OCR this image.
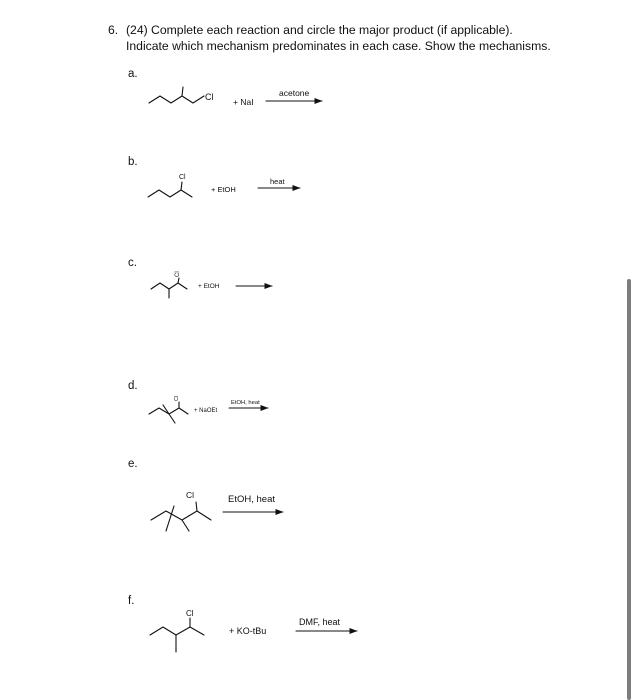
6. (24) Complete each reaction and circle the major product (if applicable).
Indicate which mechanism predominates in each case. Show the mechanisms.
a.
b.
c.
d.
e.
f.
Cl + NaI
acetone
Cl
+ EtOH
heat
Cl
+ EtOH
Cl
+ NaOEt
EtOH, heat
Cl	EtOH, heat
Cl
+ KO-tBu
DMF, heat
